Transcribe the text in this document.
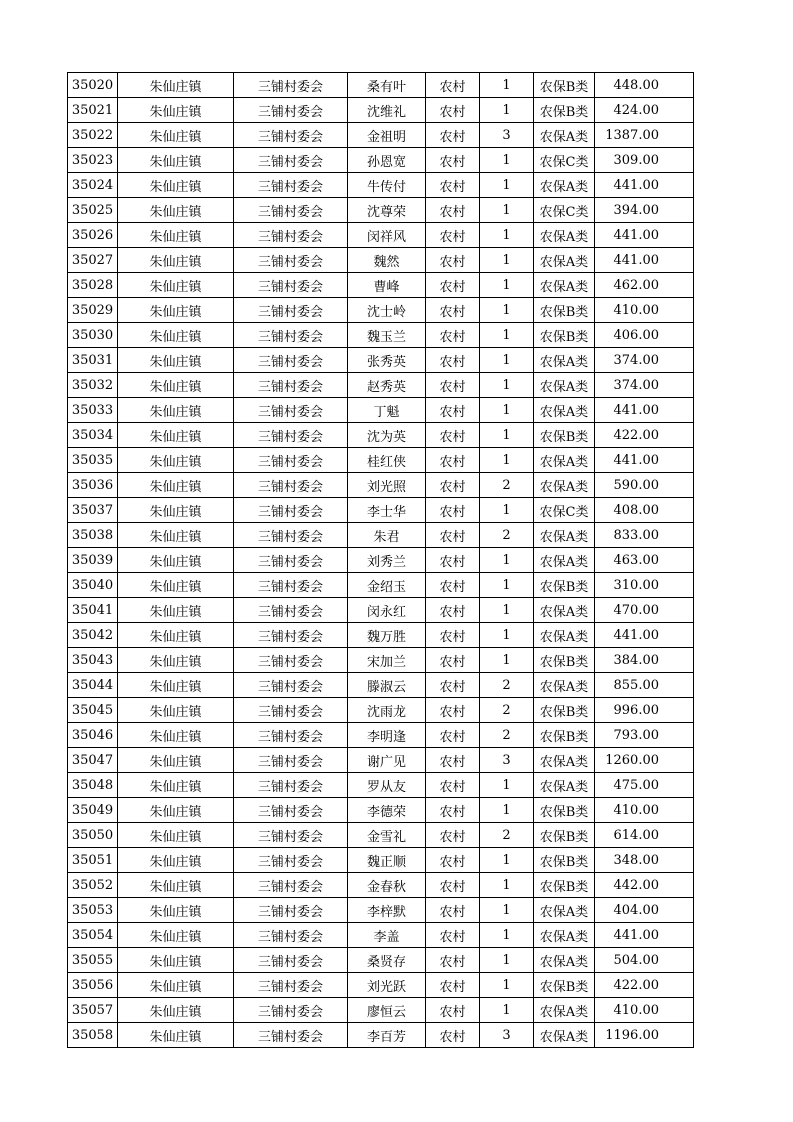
35020	朱仙庄镇	三铺村委会	桑有叶	农村	1	农保B类	448.00
35021	朱仙庄镇	三铺村委会	沈维礼	农村	1	农保B类	424.00
35022	朱仙庄镇	三铺村委会	金祖明	农村	3	农保A类	1387.00
35023	朱仙庄镇	三铺村委会	孙恩宽	农村	1	农保C类	309.00
35024	朱仙庄镇	三铺村委会	牛传付	农村	1	农保A类	441.00
35025	朱仙庄镇	三铺村委会	沈尊荣	农村	1	农保C类	394.00
35026	朱仙庄镇	三铺村委会	闵祥风	农村	1	农保A类	441.00
35027	朱仙庄镇	三铺村委会	魏然	农村	1	农保A类	441.00
35028	朱仙庄镇	三铺村委会	曹峰	农村	1	农保A类	462.00
35029	朱仙庄镇	三铺村委会	沈士岭	农村	1	农保B类	410.00
35030	朱仙庄镇	三铺村委会	魏玉兰	农村	1	农保B类	406.00
35031	朱仙庄镇	三铺村委会	张秀英	农村	1	农保A类	374.00
35032	朱仙庄镇	三铺村委会	赵秀英	农村	1	农保A类	374.00
35033	朱仙庄镇	三铺村委会	丁魁	农村	1	农保A类	441.00
35034	朱仙庄镇	三铺村委会	沈为英	农村	1	农保B类	422.00
35035	朱仙庄镇	三铺村委会	桂红侠	农村	1	农保A类	441.00
35036	朱仙庄镇	三铺村委会	刘光照	农村	2	农保A类	590.00
35037	朱仙庄镇	三铺村委会	李士华	农村	1	农保C类	408.00
35038	朱仙庄镇	三铺村委会	朱君	农村	2	农保A类	833.00
35039	朱仙庄镇	三铺村委会	刘秀兰	农村	1	农保A类	463.00
35040	朱仙庄镇	三铺村委会	金绍玉	农村	1	农保B类	310.00
35041	朱仙庄镇	三铺村委会	闵永红	农村	1	农保A类	470.00
35042	朱仙庄镇	三铺村委会	魏万胜	农村	1	农保A类	441.00
35043	朱仙庄镇	三铺村委会	宋加兰	农村	1	农保B类	384.00
35044	朱仙庄镇	三铺村委会	滕淑云	农村	2	农保A类	855.00
35045	朱仙庄镇	三铺村委会	沈雨龙	农村	2	农保B类	996.00
35046	朱仙庄镇	三铺村委会	李明逢	农村	2	农保B类	793.00
35047	朱仙庄镇	三铺村委会	谢广见	农村	3	农保A类	1260.00
35048	朱仙庄镇	三铺村委会	罗从友	农村	1	农保A类	475.00
35049	朱仙庄镇	三铺村委会	李德荣	农村	1	农保B类	410.00
35050	朱仙庄镇	三铺村委会	金雪礼	农村	2	农保B类	614.00
35051	朱仙庄镇	三铺村委会	魏正顺	农村	1	农保B类	348.00
35052	朱仙庄镇	三铺村委会	金春秋	农村	1	农保B类	442.00
35053	朱仙庄镇	三铺村委会	李梓默	农村	1	农保A类	404.00
35054	朱仙庄镇	三铺村委会	李盖	农村	1	农保A类	441.00
35055	朱仙庄镇	三铺村委会	桑贤存	农村	1	农保A类	504.00
35056	朱仙庄镇	三铺村委会	刘光跃	农村	1	农保B类	422.00
35057	朱仙庄镇	三铺村委会	廖恒云	农村	1	农保A类	410.00
35058	朱仙庄镇	三铺村委会	李百芳	农村	3	农保A类	1196.00
